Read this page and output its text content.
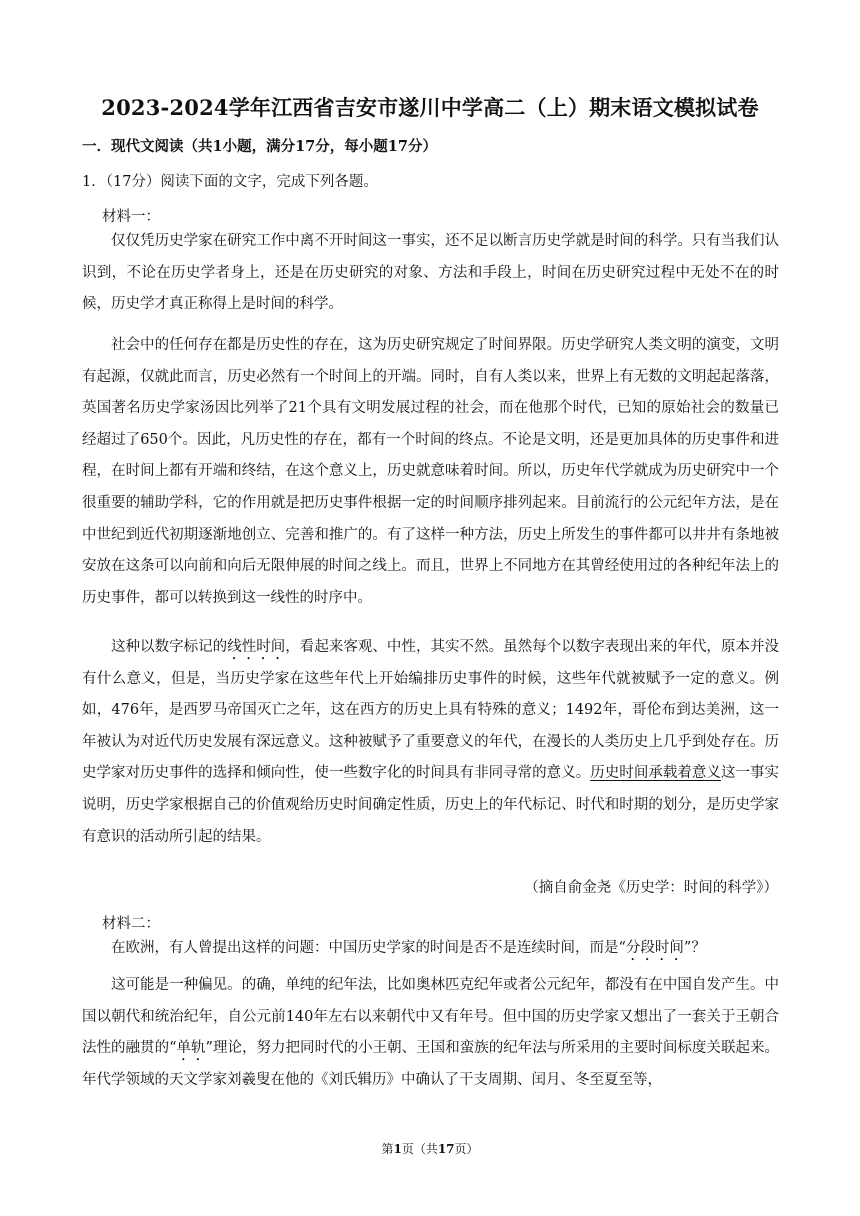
2023-2024学年江西省吉安市遂川中学高二（上）期末语文模拟试卷
一．现代文阅读（共1小题，满分17分，每小题17分）
1．（17分）阅读下面的文字，完成下列各题。
材料一：

仅仅凭历史学家在研究工作中离不开时间这一事实，还不足以断言历史学就是时间的科学。只有当我们认识到，不论在历史学者身上，还是在历史研究的对象、方法和手段上，时间在历史研究过程中无处不在的时候，历史学才真正称得上是时间的科学。

社会中的任何存在都是历史性的存在，这为历史研究规定了时间界限。历史学研究人类文明的演变，文明有起源，仅就此而言，历史必然有一个时间上的开端。同时，自有人类以来，世界上有无数的文明起起落落，英国著名历史学家汤因比列举了21个具有文明发展过程的社会，而在他那个时代，已知的原始社会的数量已经超过了650个。因此，凡历史性的存在，都有一个时间的终点。不论是文明，还是更加具体的历史事件和进程，在时间上都有开端和终结，在这个意义上，历史就意味着时间。所以，历史年代学就成为历史研究中一个很重要的辅助学科，它的作用就是把历史事件根据一定的时间顺序排列起来。目前流行的公元纪年方法，是在中世纪到近代初期逐渐地创立、完善和推广的。有了这样一种方法，历史上所发生的事件都可以井井有条地被安放在这条可以向前和向后无限伸展的时间之线上。而且，世界上不同地方在其曾经使用过的各种纪年法上的历史事件，都可以转换到这一线性的时序中。

这种以数字标记的线性时间，看起来客观、中性，其实不然。虽然每个以数字表现出来的年代，原本并没有什么意义，但是，当历史学家在这些年代上开始编排历史事件的时候，这些年代就被赋予一定的意义。例如，476年，是西罗马帝国灭亡之年，这在西方的历史上具有特殊的意义；1492年，哥伦布到达美洲，这一年被认为对近代历史发展有深远意义。这种被赋予了重要意义的年代，在漫长的人类历史上几乎到处存在。历史学家对历史事件的选择和倾向性，使一些数字化的时间具有非同寻常的意义。历史时间承载着意义这一事实说明，历史学家根据自己的价值观给历史时间确定性质，历史上的年代标记、时代和时期的划分，是历史学家有意识的活动所引起的结果。

（摘自俞金尧《历史学：时间的科学》）
材料二：

在欧洲，有人曾提出这样的问题：中国历史学家的时间是否不是连续时间，而是“分段时间”？

这可能是一种偏见。的确，单纯的纪年法，比如奥林匹克纪年或者公元纪年，都没有在中国自发产生。中国以朝代和统治纪年，自公元前140年左右以来朝代中又有年号。但中国的历史学家又想出了一套关于王朝合法性的融贯的“单轨”理论，努力把同时代的小王朝、王国和蛮族的纪年法与所采用的主要时间标度关联起来。年代学领域的天文学家刘羲叟在他的《刘氏辑历》中确认了干支周期、闰月、冬至夏至等，

第1页（共17页）
